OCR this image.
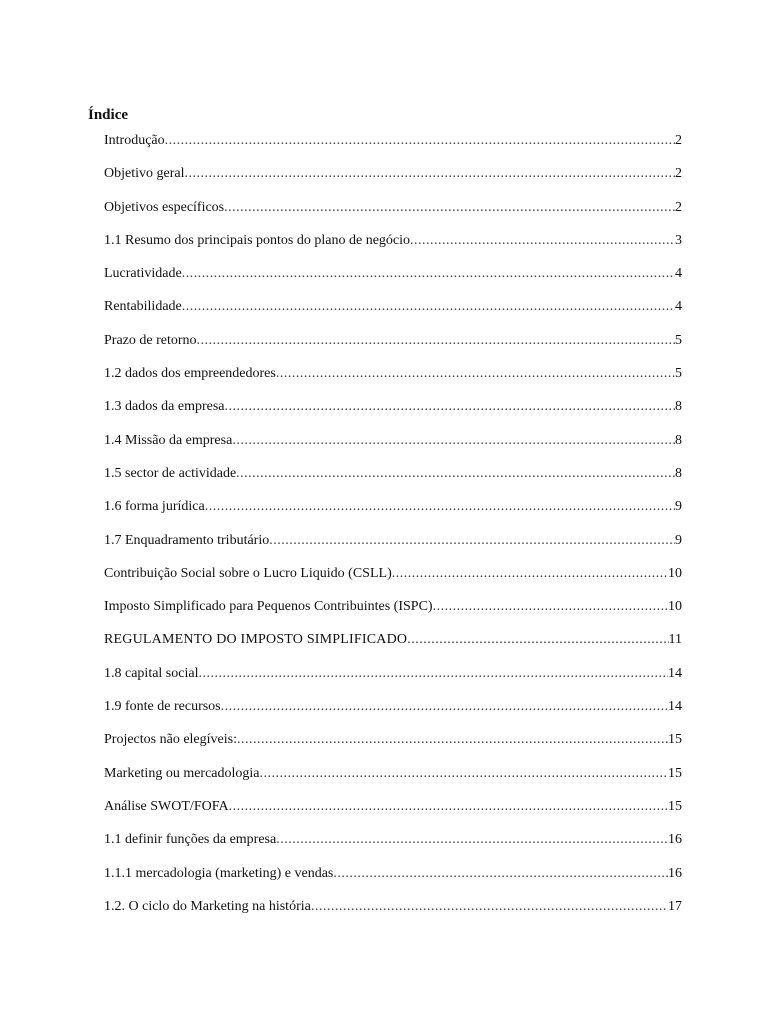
Índice
Introdução .....	2
Objetivo geral .....	2
Objetivos específicos .....	2
1.1 Resumo dos principais pontos do plano de negócio .....	3
Lucratividade .....	4
Rentabilidade .....	4
Prazo de retorno .....	5
1.2 dados dos empreendedores .....	5
1.3 dados da empresa .....	8
1.4 Missão da empresa .....	8
1.5 sector de actividade .....	8
1.6 forma jurídica .....	9
1.7 Enquadramento tributário .....	9
Contribuição Social sobre o Lucro Liquido (CSLL) .....	10
Imposto Simplificado para Pequenos Contribuintes (ISPC) .....	10
REGULAMENTO DO IMPOSTO SIMPLIFICADO .....	11
1.8 capital social .....	14
1.9 fonte de recursos .....	14
Projectos não elegíveis: .....	15
Marketing ou mercadologia .....	15
Análise SWOT/FOFA .....	15
1.1 definir funções da empresa .....	16
1.1.1 mercadologia (marketing) e vendas .....	16
1.2. O ciclo do Marketing na história .....	17
